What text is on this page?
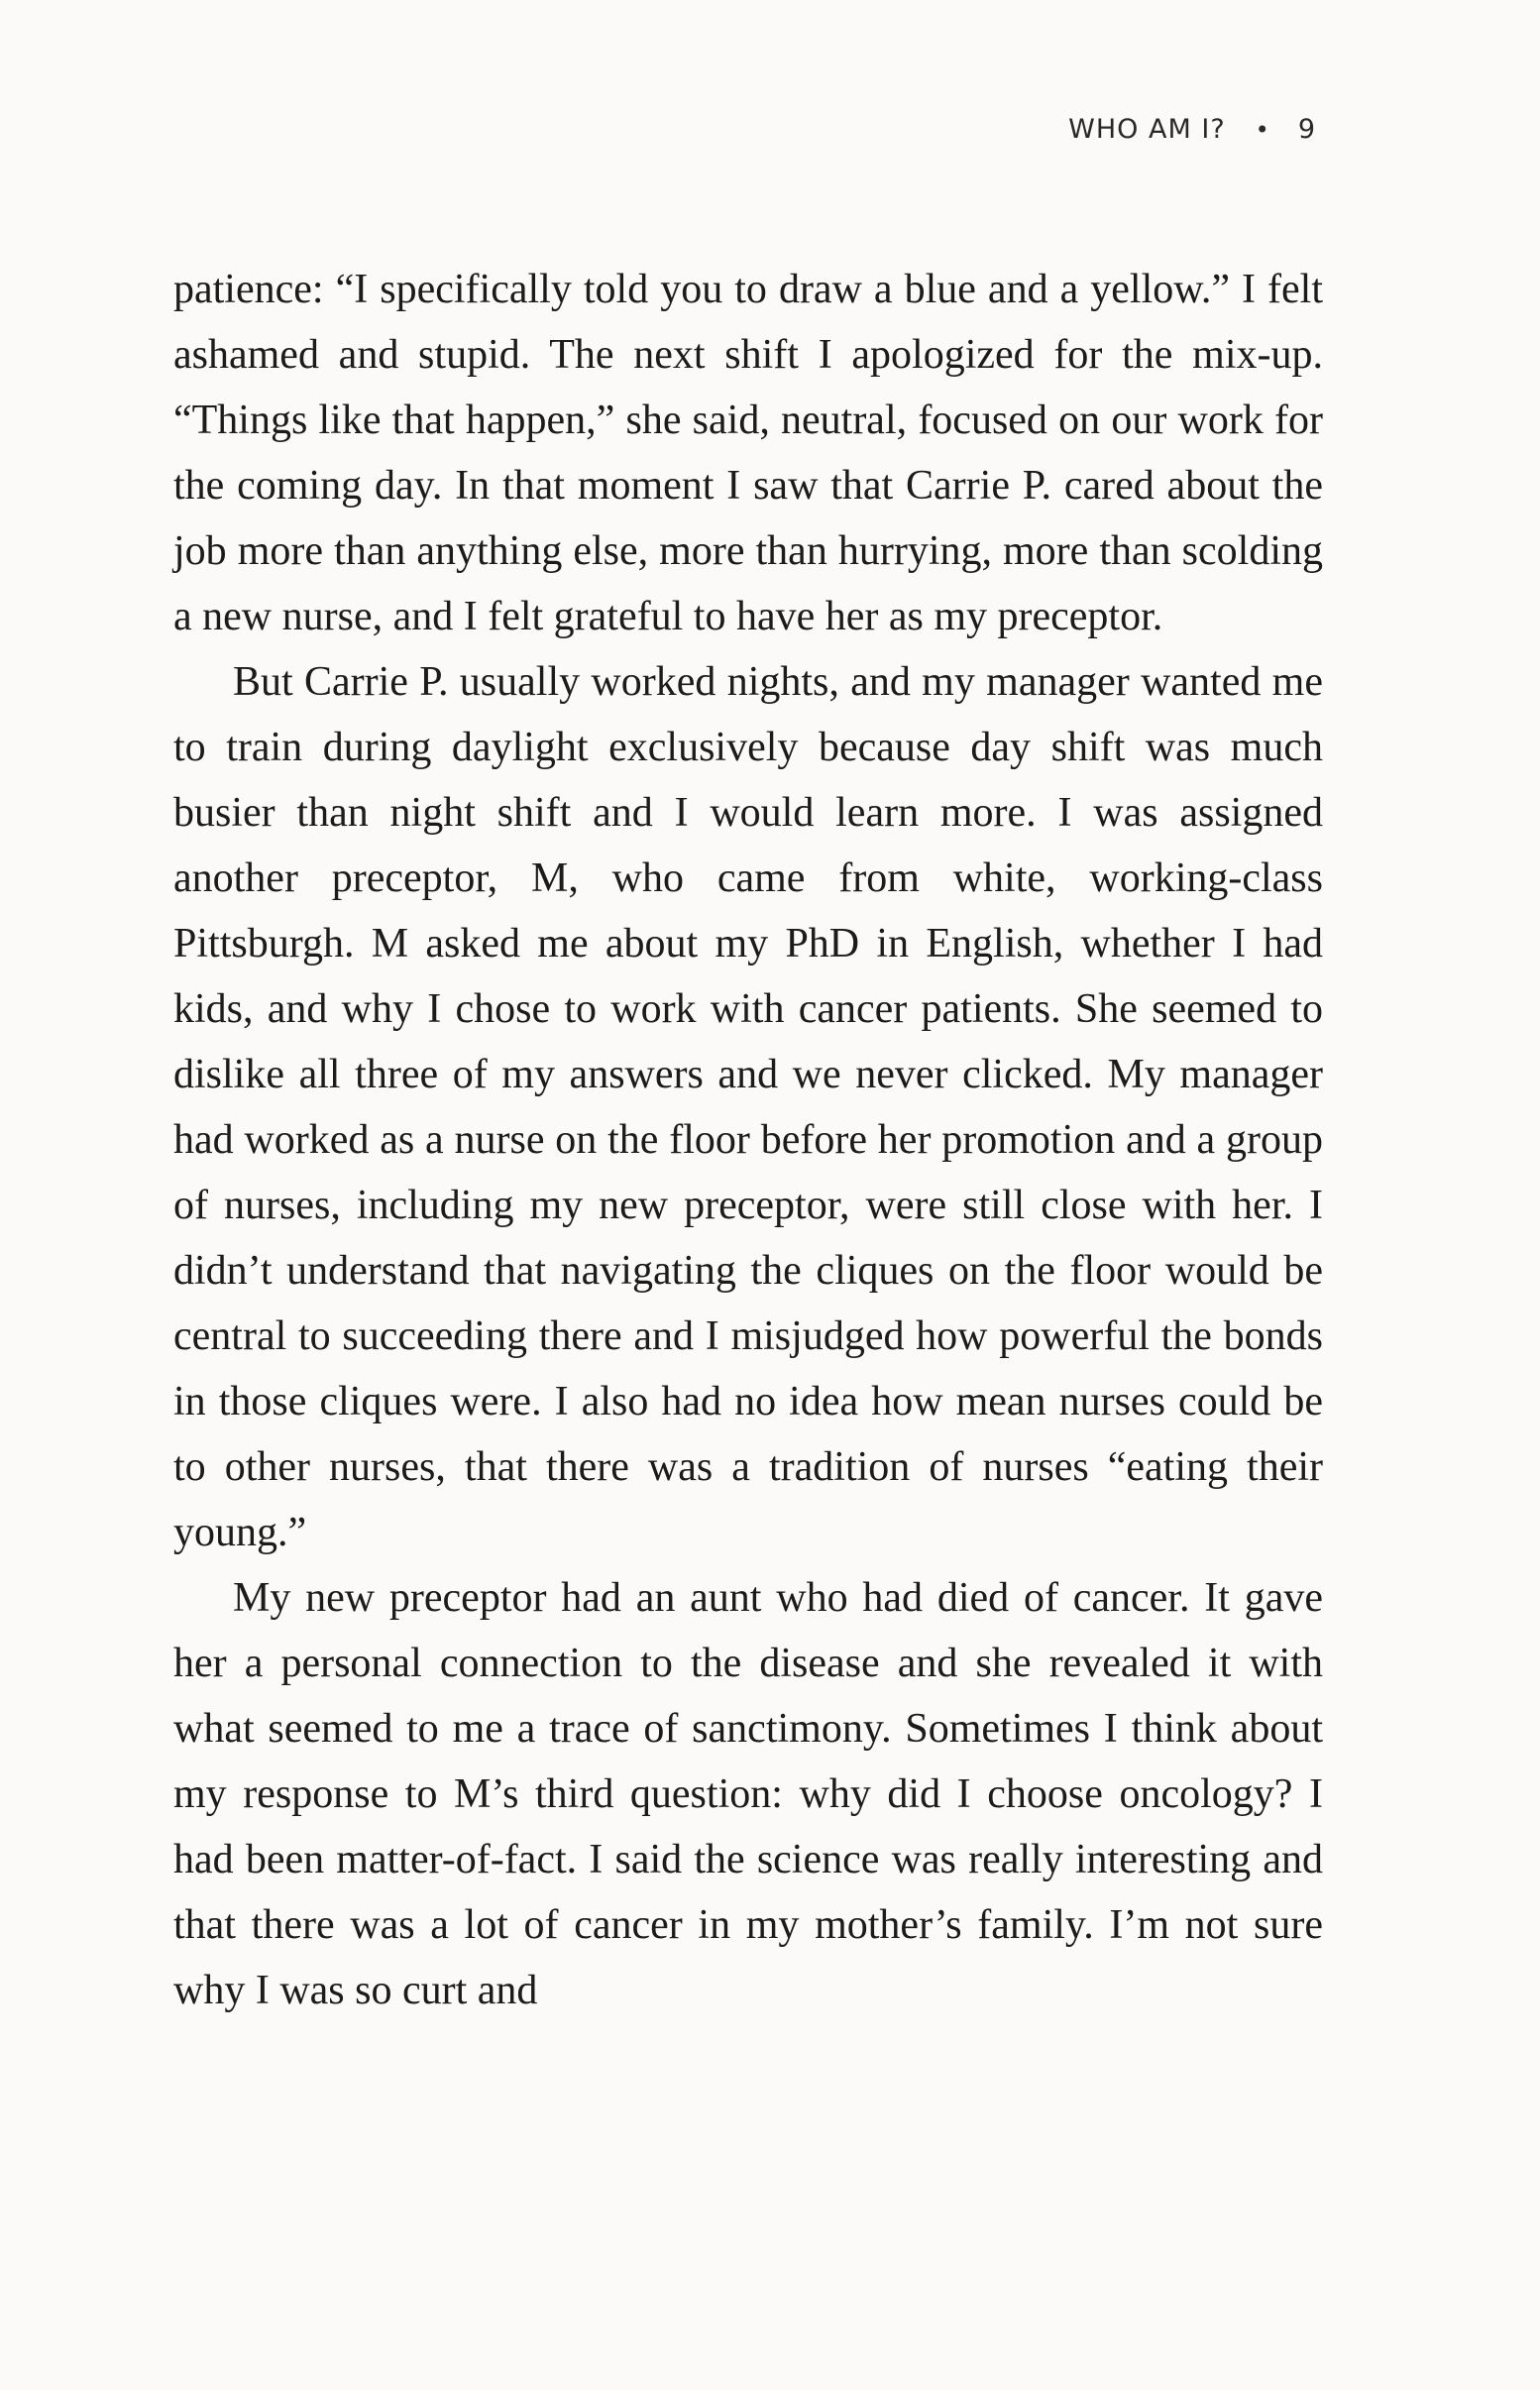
WHO AM I? • 9

patience: “I specifically told you to draw a blue and a yellow.” I felt ashamed and stupid. The next shift I apologized for the mix-up. “Things like that happen,” she said, neutral, focused on our work for the coming day. In that moment I saw that Carrie P. cared about the job more than anything else, more than hurrying, more than scolding a new nurse, and I felt grateful to have her as my preceptor.

But Carrie P. usually worked nights, and my manager wanted me to train during daylight exclusively because day shift was much busier than night shift and I would learn more. I was assigned another preceptor, M, who came from white, working-class Pittsburgh. M asked me about my PhD in English, whether I had kids, and why I chose to work with cancer patients. She seemed to dislike all three of my answers and we never clicked. My manager had worked as a nurse on the floor before her promotion and a group of nurses, including my new preceptor, were still close with her. I didn’t understand that navigating the cliques on the floor would be central to succeeding there and I misjudged how powerful the bonds in those cliques were. I also had no idea how mean nurses could be to other nurses, that there was a tradition of nurses “eating their young.”

My new preceptor had an aunt who had died of cancer. It gave her a personal connection to the disease and she revealed it with what seemed to me a trace of sanctimony. Sometimes I think about my response to M’s third question: why did I choose oncology? I had been matter-of-fact. I said the science was really interesting and that there was a lot of cancer in my mother’s family. I’m not sure why I was so curt and
